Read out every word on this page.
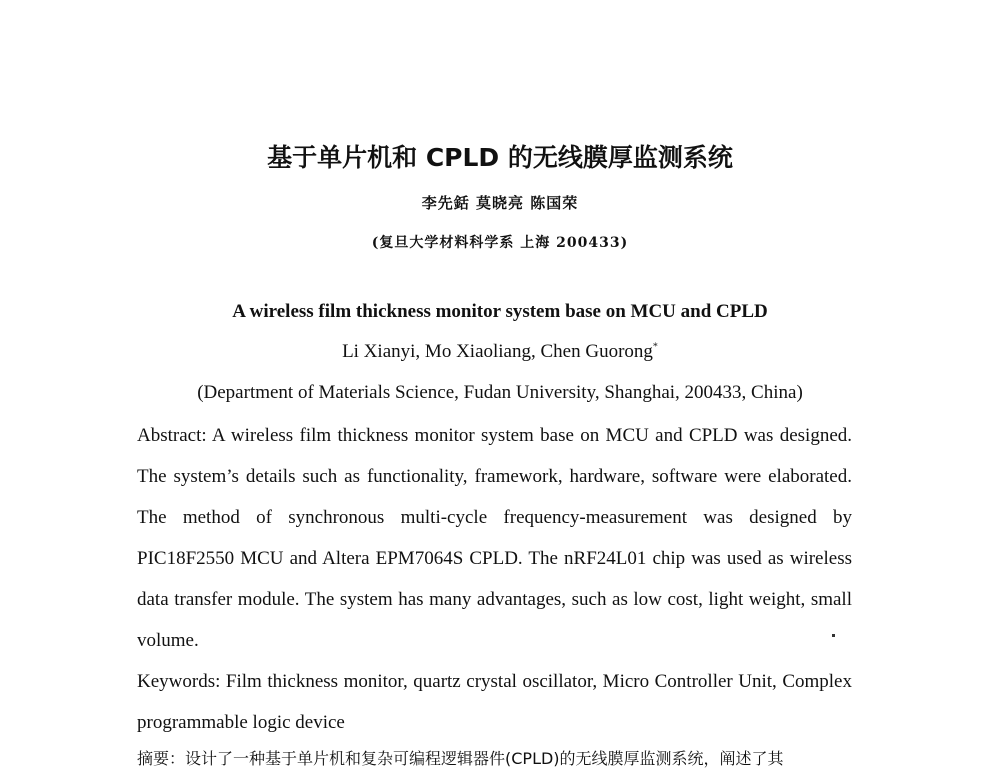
基于单片机和 CPLD 的无线膜厚监测系统
李先銛 莫晓亮 陈国荣
(复旦大学材料科学系 上海 200433)
A wireless film thickness monitor system base on MCU and CPLD
Li Xianyi, Mo Xiaoliang, Chen Guorong*
(Department of Materials Science, Fudan University, Shanghai, 200433, China)
Abstract: A wireless film thickness monitor system base on MCU and CPLD was designed. The system’s details such as functionality, framework, hardware, software were elaborated. The method of synchronous multi-cycle frequency-measurement was designed by PIC18F2550 MCU and Altera EPM7064S CPLD. The nRF24L01 chip was used as wireless data transfer module. The system has many advantages, such as low cost, light weight, small volume.
Keywords: Film thickness monitor, quartz crystal oscillator, Micro Controller Unit, Complex programmable logic device
摘要：设计了一种基于单片机和复杂可编程逻辑器件(CPLD)的无线膜厚监测系统，阐述了其
